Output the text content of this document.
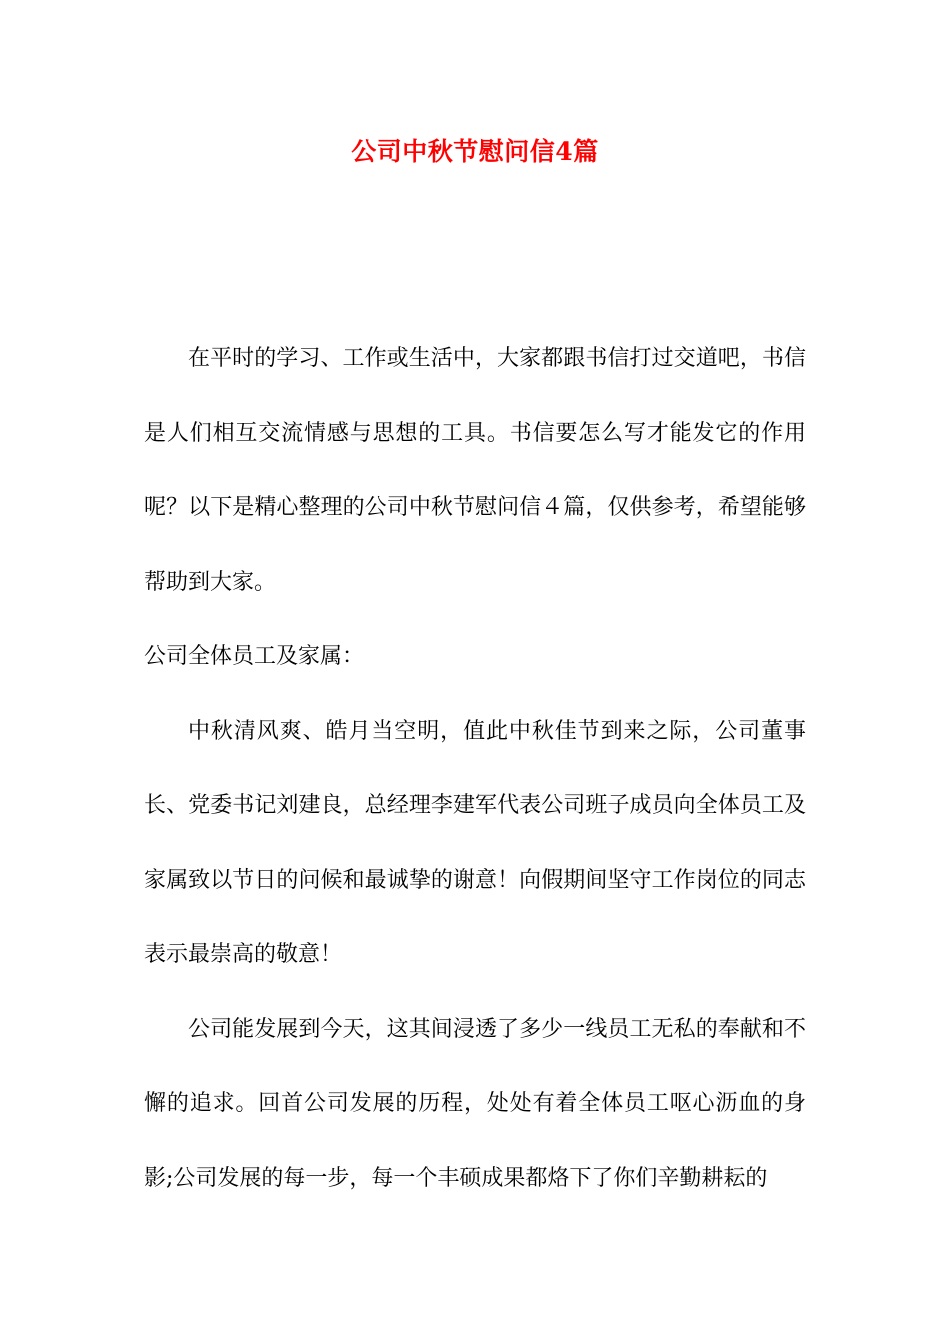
公司中秋节慰问信4篇

在平时的学习、工作或生活中，大家都跟书信打过交道吧，书信是人们相互交流情感与思想的工具。书信要怎么写才能发它的作用呢？以下是精心整理的公司中秋节慰问信４篇，仅供参考，希望能够帮助到大家。

公司全体员工及家属：

中秋清风爽、皓月当空明，值此中秋佳节到来之际，公司董事长、党委书记刘建良，总经理李建军代表公司班子成员向全体员工及家属致以节日的问候和最诚挚的谢意！向假期间坚守工作岗位的同志表示最崇高的敬意！

公司能发展到今天，这其间浸透了多少一线员工无私的奉献和不懈的追求。回首公司发展的历程，处处有着全体员工呕心沥血的身影;公司发展的每一步，每一个丰硕成果都烙下了你们辛勤耕耘的
